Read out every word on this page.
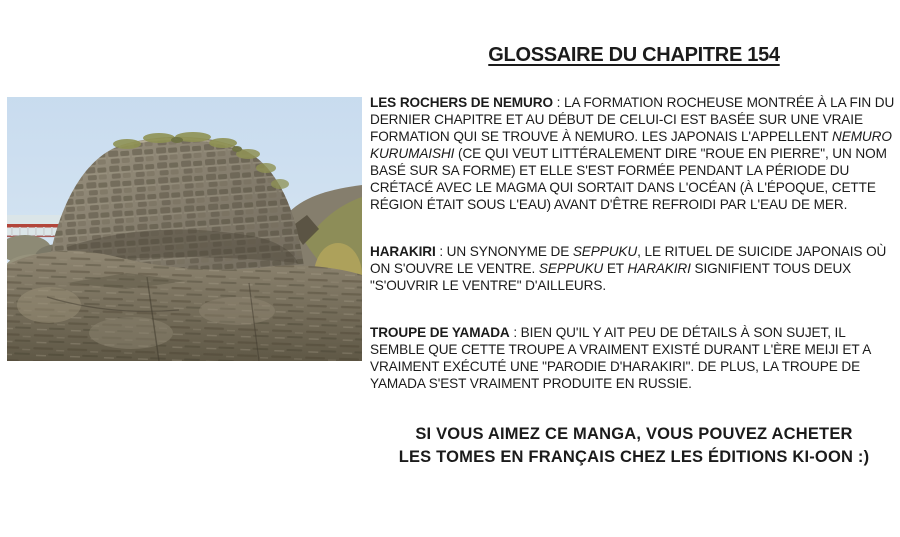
GLOSSAIRE DU CHAPITRE 154

LES ROCHERS DE NEMURO : LA FORMATION ROCHEUSE MONTRÉE À LA FIN DU DERNIER CHAPITRE ET AU DÉBUT DE CELUI-CI EST BASÉE SUR UNE VRAIE FORMATION QUI SE TROUVE À NEMURO. LES JAPONAIS L'APPELLENT NEMURO KURUMAISHI (CE QUI VEUT LITTÉRALEMENT DIRE "ROUE EN PIERRE", UN NOM BASÉ SUR SA FORME) ET ELLE S'EST FORMÉE PENDANT LA PÉRIODE DU CRÉTACÉ AVEC LE MAGMA QUI SORTAIT DANS L'OCÉAN (À L'ÉPOQUE, CETTE RÉGION ÉTAIT SOUS L'EAU) AVANT D'ÊTRE REFROIDI PAR L'EAU DE MER.

HARAKIRI : UN SYNONYME DE SEPPUKU, LE RITUEL DE SUICIDE JAPONAIS OÙ ON S'OUVRE LE VENTRE. SEPPUKU ET HARAKIRI SIGNIFIENT TOUS DEUX "S'OUVRIR LE VENTRE" D'AILLEURS.

TROUPE DE YAMADA : BIEN QU'IL Y AIT PEU DE DÉTAILS À SON SUJET, IL SEMBLE QUE CETTE TROUPE A VRAIMENT EXISTÉ DURANT L'ÈRE MEIJI ET A VRAIMENT EXÉCUTÉ UNE "PARODIE D'HARAKIRI". DE PLUS, LA TROUPE DE YAMADA S'EST VRAIMENT PRODUITE EN RUSSIE.

SI VOUS AIMEZ CE MANGA, VOUS POUVEZ ACHETER
LES TOMES EN FRANÇAIS CHEZ LES ÉDITIONS KI-OON :)
